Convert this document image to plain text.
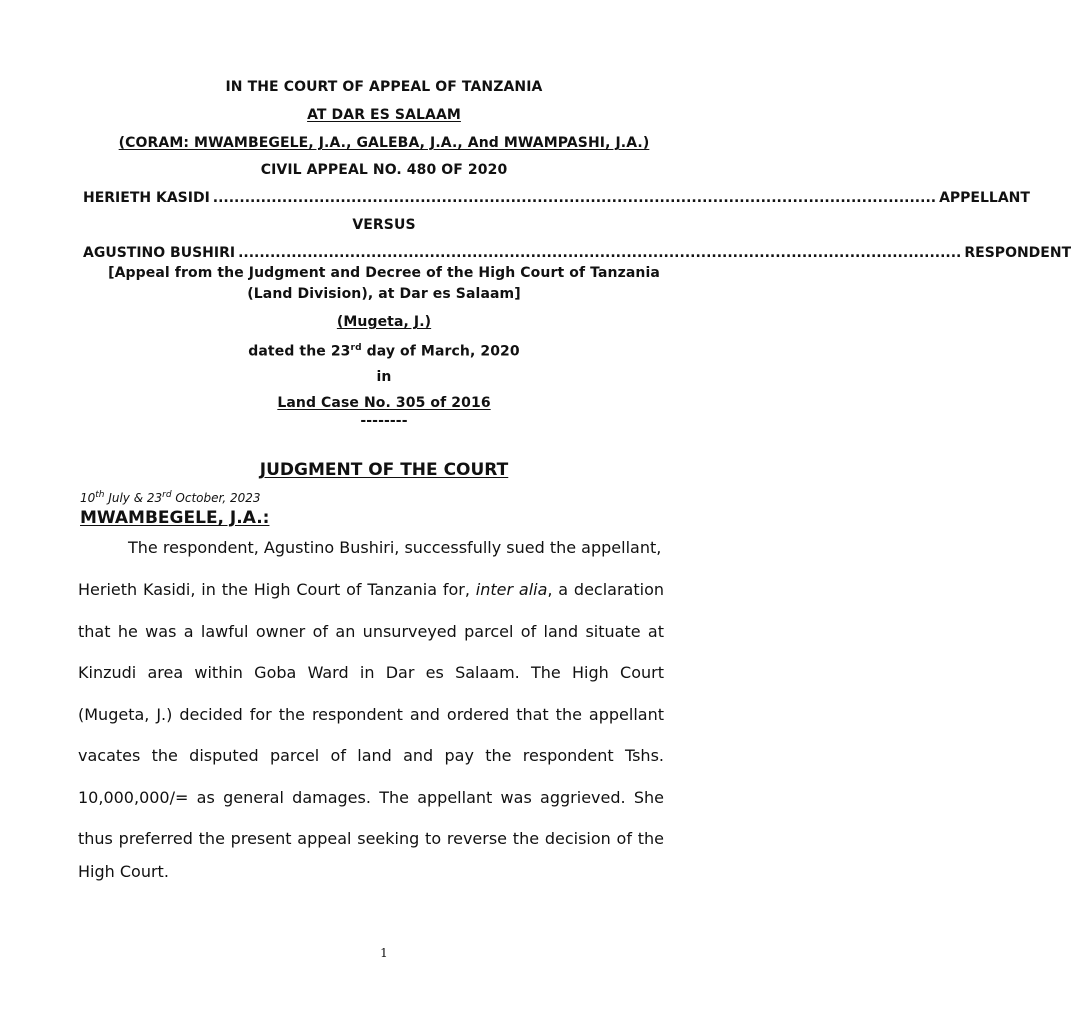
IN THE COURT OF APPEAL OF TANZANIA
AT DAR ES SALAAM
(CORAM: MWAMBEGELE, J.A., GALEBA, J.A., And MWAMPASHI, J.A.)
CIVIL APPEAL NO. 480 OF 2020
HERIETH KASIDI ........................................................................................................................................ APPELLANT
VERSUS
AGUSTINO BUSHIRI ........................................................................................................................................ RESPONDENT
[Appeal from the Judgment and Decree of the High Court of Tanzania
(Land Division), at Dar es Salaam]
(Mugeta, J.)
dated the 23rd day of March, 2020
in
Land Case No. 305 of 2016
--------
JUDGMENT OF THE COURT
10th July & 23rd October, 2023
MWAMBEGELE, J.A.:
The respondent, Agustino Bushiri, successfully sued the appellant,
Herieth Kasidi, in the High Court of Tanzania for, inter alia, a declaration
that he was a lawful owner of an unsurveyed parcel of land situate at
Kinzudi area within Goba Ward in Dar es Salaam. The High Court
(Mugeta, J.) decided for the respondent and ordered that the appellant
vacates the disputed parcel of land and pay the respondent Tshs.
10,000,000/= as general damages. The appellant was aggrieved. She
thus preferred the present appeal seeking to reverse the decision of the
High Court.
1
